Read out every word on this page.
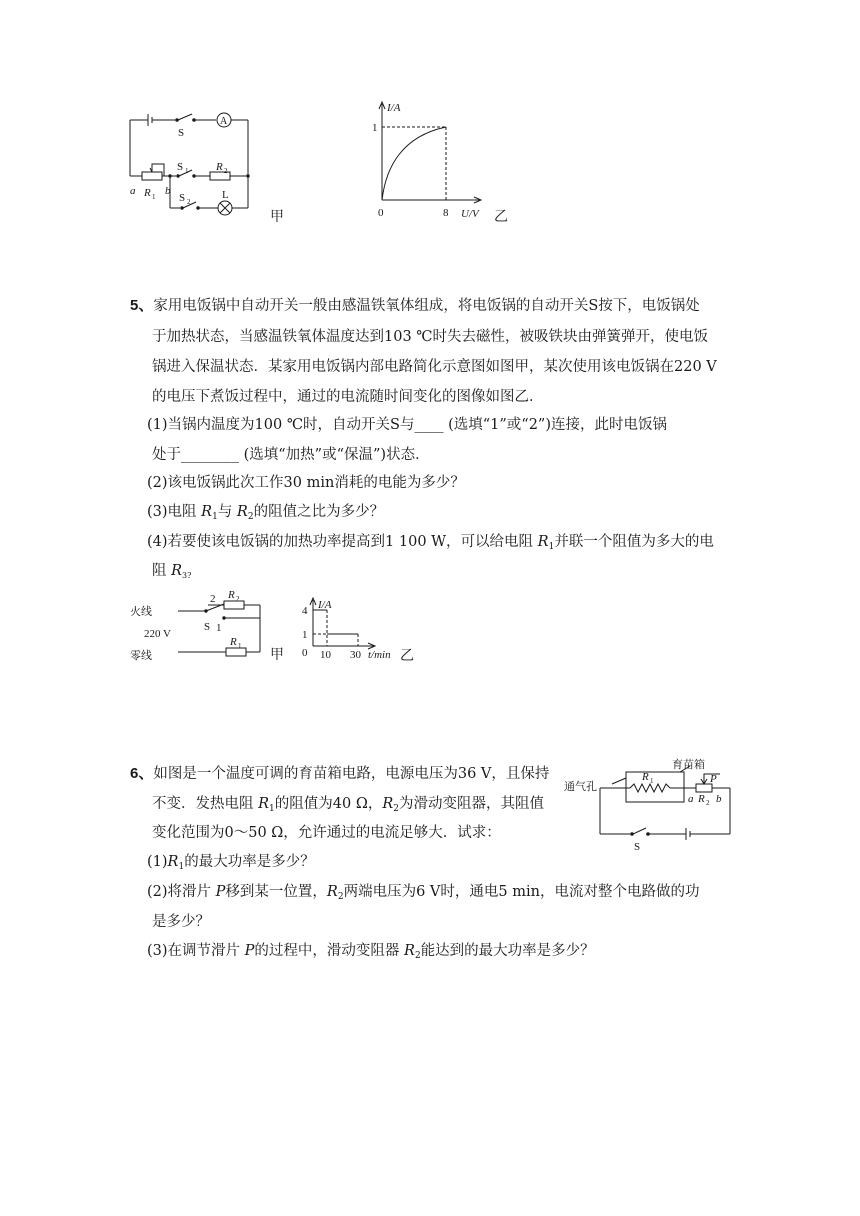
A
S
S 1	R 2
a R 1 b
S 2
L
甲
I/A
1
0	8 U/V 乙
5、家用电饭锅中自动开关一般由感温铁氧体组成，将电饭锅的自动开关S按下，电饭锅处
于加热状态，当感温铁氧体温度达到103 ℃时失去磁性，被吸铁块由弹簧弹开，使电饭
锅进入保温状态．某家用电饭锅内部电路简化示意图如图甲，某次使用该电饭锅在220 V
的电压下煮饭过程中，通过的电流随时间变化的图像如图乙．
(1)当锅内温度为100 ℃时，自动开关S与____ (选填“1”或“2”)连接，此时电饭锅
处于________ (选填“加热”或“保温”)状态．
(2)该电饭锅此次工作30 min消耗的电能为多少？
(3)电阻 $R_1$与 $R_2$的阻值之比为多少？
(4)若要使该电饭锅的加热功率提高到1 100 W，可以给电阻 $R_1$并联一个阻值为多大的电
阻 $R_{3?}$
火线
220 V
零线
2
S 1
R 2
R 1
甲
I/A
4
1
0 10 30 t/min 乙
6、如图是一个温度可调的育苗箱电路，电源电压为36 V，且保持
不变．发热电阻 $R_1$的阻值为40 Ω，$R_2$为滑动变阻器，其阻值
变化范围为0～50 Ω，允许通过的电流足够大．试求：
$(1)R_1$的最大功率是多少？
(2)将滑片 P移到某一位置，$R_2$两端电压为6 V时，通电5 min，电流对整个电路做的功
是多少？
(3)在调节滑片 P的过程中，滑动变阻器 $R_2$能达到的最大功率是多少？
通气孔
育苗箱
R 1	P
a R 2 b
S
